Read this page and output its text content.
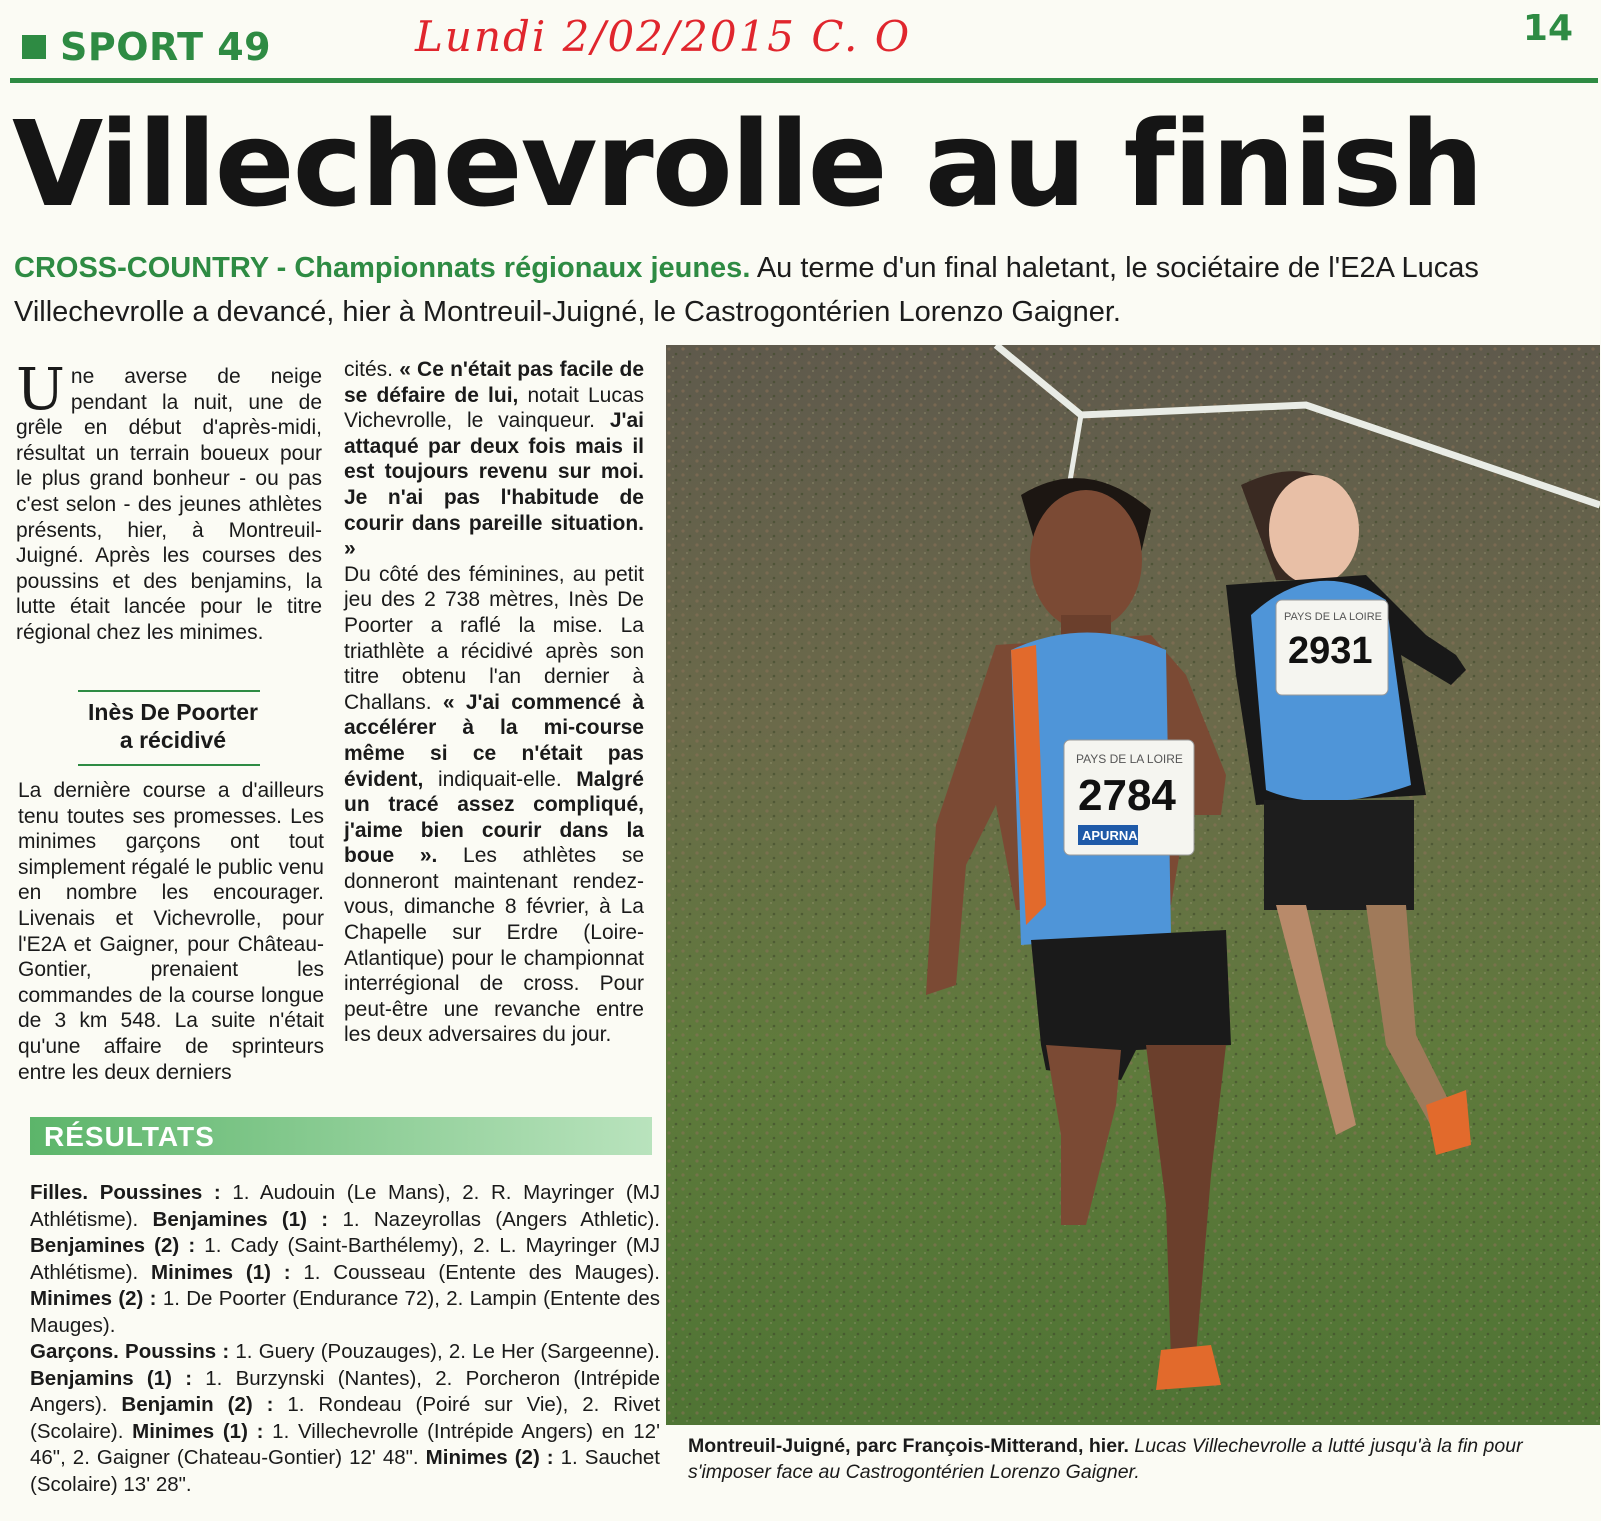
SPORT 49	Lundi 2/02/2015 C. O	14
Villechevrolle au finish
CROSS-COUNTRY - Championnats régionaux jeunes. Au terme d'un final haletant, le sociétaire de l'E2A Lucas Villechevrolle a devancé, hier à Montreuil-Juigné, le Castrogontérien Lorenzo Gaigner.
Une averse de neige pendant la nuit, une de grêle en début d'après-midi, résultat un terrain boueux pour le plus grand bonheur - ou pas c'est selon - des jeunes athlètes présents, hier, à Montreuil-Juigné. Après les courses des poussins et des benjamins, la lutte était lancée pour le titre régional chez les minimes.
Inès De Poorter
a récidivé
La dernière course a d'ailleurs tenu toutes ses promesses. Les minimes garçons ont tout simplement régalé le public venu en nombre les encourager. Livenais et Vichevrolle, pour l'E2A et Gaigner, pour Château-Gontier, prenaient les commandes de la course longue de 3 km 548. La suite n'était qu'une affaire de sprinteurs entre les deux derniers
cités. « Ce n'était pas facile de se défaire de lui, notait Lucas Vichevrolle, le vainqueur. J'ai attaqué par deux fois mais il est toujours revenu sur moi. Je n'ai pas l'habitude de courir dans pareille situation. »
Du côté des féminines, au petit jeu des 2 738 mètres, Inès De Poorter a raflé la mise. La triathlète a récidivé après son titre obtenu l'an dernier à Challans. « J'ai commencé à accélérer à la mi-course même si ce n'était pas évident, indiquait-elle. Malgré un tracé assez compliqué, j'aime bien courir dans la boue ». Les athlètes se donneront maintenant rendez-vous, dimanche 8 février, à La Chapelle sur Erdre (Loire-Atlantique) pour le championnat interrégional de cross. Pour peut-être une revanche entre les deux adversaires du jour.
RÉSULTATS
Filles. Poussines : 1. Audouin (Le Mans), 2. R. Mayringer (MJ Athlétisme). Benjamines (1) : 1. Nazeyrollas (Angers Athletic). Benjamines (2) : 1. Cady (Saint-Barthélemy), 2. L. Mayringer (MJ Athlétisme). Minimes (1) : 1. Cousseau (Entente des Mauges). Minimes (2) : 1. De Poorter (Endurance 72), 2. Lampin (Entente des Mauges).
Garçons. Poussins : 1. Guery (Pouzauges), 2. Le Her (Sargeenne). Benjamins (1) : 1. Burzynski (Nantes), 2. Porcheron (Intrépide Angers). Benjamin (2) : 1. Rondeau (Poiré sur Vie), 2. Rivet (Scolaire). Minimes (1) : 1. Villechevrolle (Intrépide Angers) en 12' 46", 2. Gaigner (Chateau-Gontier) 12' 48". Minimes (2) : 1. Sauchet (Scolaire) 13' 28".
PAYS DE LA LOIRE
2931
PAYS DE LA LOIRE
2784
APURNA
Montreuil-Juigné, parc François-Mitterand, hier. Lucas Villechevrolle a lutté jusqu'à la fin pour s'imposer face au Castrogontérien Lorenzo Gaigner.
